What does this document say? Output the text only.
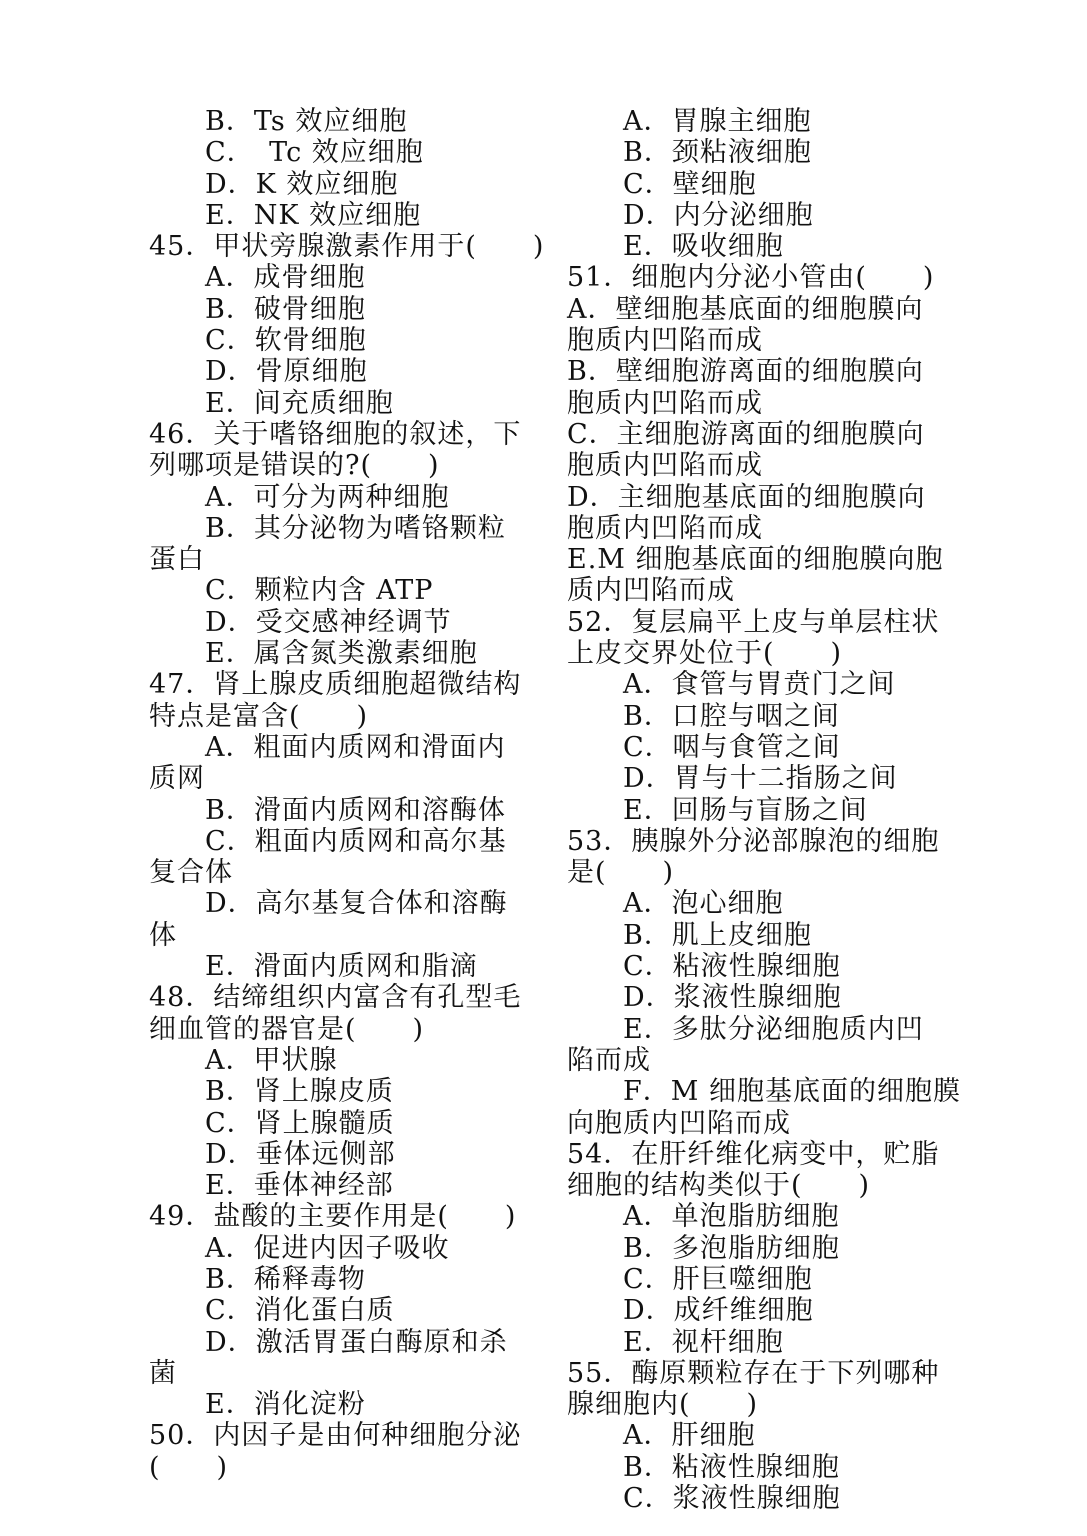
B．Ts 效应细胞
C．　Tc 效应细胞
D．K 效应细胞
E．NK 效应细胞
45．甲状旁腺激素作用于(　　)
A．成骨细胞
B．破骨细胞
C．软骨细胞
D．骨原细胞
E．间充质细胞
46．关于嗜铬细胞的叙述，下
列哪项是错误的?(　　)
A．可分为两种细胞
B．其分泌物为嗜铬颗粒
蛋白
C．颗粒内含 ATP
D．受交感神经调节
E．属含氮类激素细胞
47．肾上腺皮质细胞超微结构
特点是富含(　　)
A．粗面内质网和滑面内
质网
B．滑面内质网和溶酶体
C．粗面内质网和高尔基
复合体
D．高尔基复合体和溶酶
体
E．滑面内质网和脂滴
48．结缔组织内富含有孔型毛
细血管的器官是(　　)
A．甲状腺
B．肾上腺皮质
C．肾上腺髓质
D．垂体远侧部
E．垂体神经部
49．盐酸的主要作用是(　　)
A．促进内因子吸收
B．稀释毒物
C．消化蛋白质
D．激活胃蛋白酶原和杀
菌
E．消化淀粉
50．内因子是由何种细胞分泌
(　　)
A．胃腺主细胞
B．颈粘液细胞
C．壁细胞
D．内分泌细胞
E．吸收细胞
51．细胞内分泌小管由(　　)
A．壁细胞基底面的细胞膜向
胞质内凹陷而成
B．壁细胞游离面的细胞膜向
胞质内凹陷而成
C．主细胞游离面的细胞膜向
胞质内凹陷而成
D．主细胞基底面的细胞膜向
胞质内凹陷而成
E.M 细胞基底面的细胞膜向胞
质内凹陷而成
52．复层扁平上皮与单层柱状
上皮交界处位于(　　)
A．食管与胃贲门之间
B．口腔与咽之间
C．咽与食管之间
D．胃与十二指肠之间
E．回肠与盲肠之间
53．胰腺外分泌部腺泡的细胞
是(　　)
A．泡心细胞
B．肌上皮细胞
C．粘液性腺细胞
D．浆液性腺细胞
E．多肽分泌细胞质内凹
陷而成
F．M 细胞基底面的细胞膜
向胞质内凹陷而成
54．在肝纤维化病变中，贮脂
细胞的结构类似于(　　)
A．单泡脂肪细胞
B．多泡脂肪细胞
C．肝巨噬细胞
D．成纤维细胞
E．视杆细胞
55．酶原颗粒存在于下列哪种
腺细胞内(　　)
A．肝细胞
B．粘液性腺细胞
C．浆液性腺细胞
